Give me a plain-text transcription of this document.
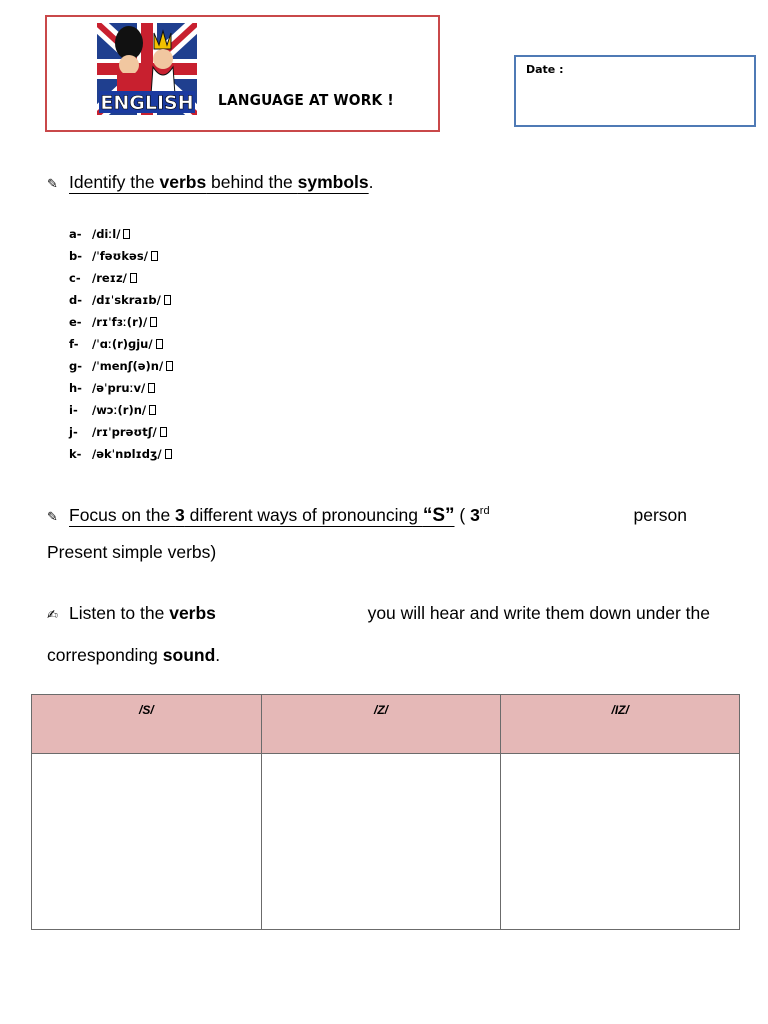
ENGLISH LANGUAGE AT WORK !
Date :
✎ Identify the verbs behind the symbols.
a- /diːl/
b- /ˈfəʊkəs/
c- /reɪz/
d- /dɪˈskraɪb/
e- /rɪˈfɜː(r)/
f-	/ˈɑː(r)ɡju/
g- /ˈmenʃ(ə)n/
h- /əˈpruːv/
i-	/wɔː(r)n/
j-	/rɪˈprəʊtʃ/
k- /əkˈnɒlɪdʒ/
✎ Focus on the 3 different ways of pronouncing “S” ( 3rd	person
Present simple verbs)
✍ Listen to the verbs	you will hear and write them down under the
corresponding sound.
/S/	/Z/	/IZ/
